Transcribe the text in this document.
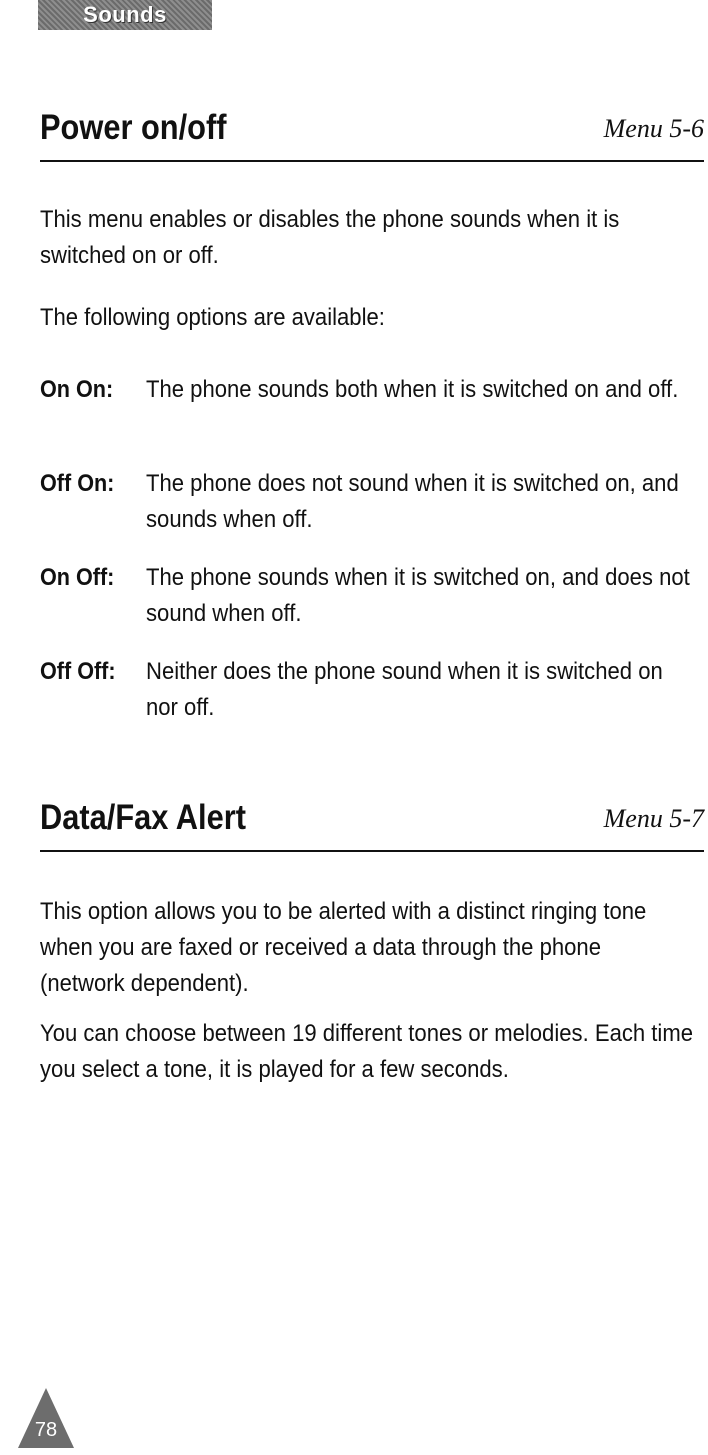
Sounds
Power on/off	Menu 5-6

This menu enables or disables the phone sounds when it is switched on or off.

The following options are available:

On On: The phone sounds both when it is switched on and off.

Off On: The phone does not sound when it is switched on, and sounds when off.

On Off: The phone sounds when it is switched on, and does not sound when off.

Off Off: Neither does the phone sound when it is switched on nor off.

Data/Fax Alert	Menu 5-7

This option allows you to be alerted with a distinct ringing tone when you are faxed or received a data through the phone (network dependent).

You can choose between 19 different tones or melodies. Each time you select a tone, it is played for a few seconds.

78
